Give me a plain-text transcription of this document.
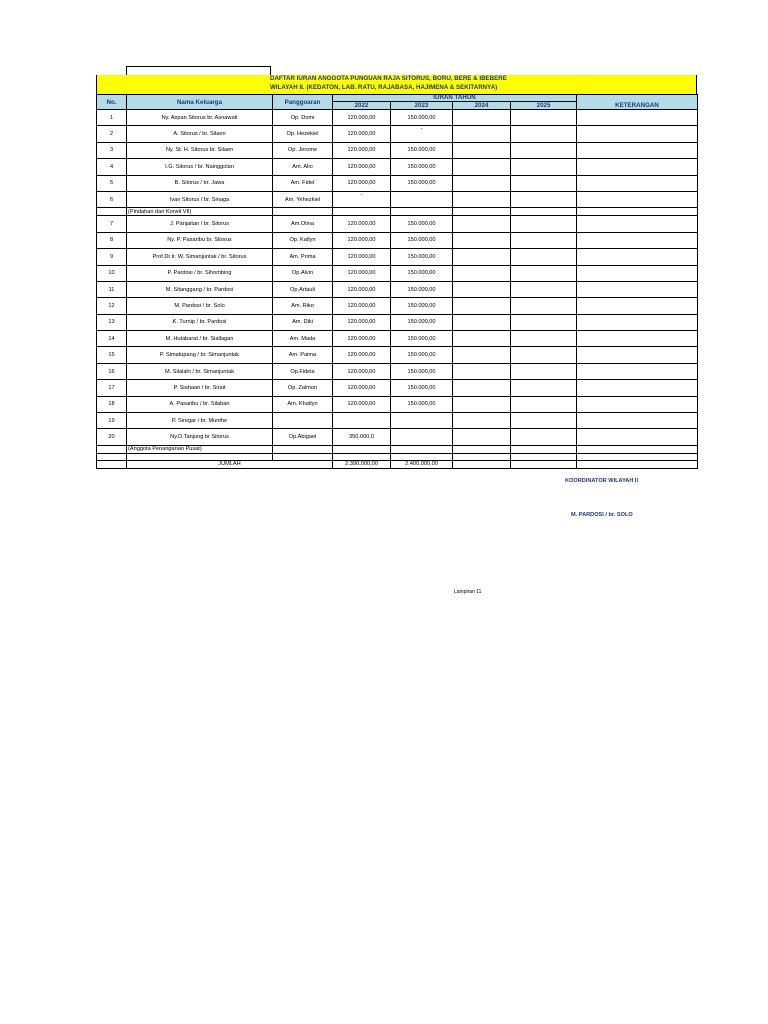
DAFTAR IURAN ANGGOTA PUNGUAN RAJA SITORUS, BORU, BERE & IBEBERE
WILAYAH II. (KEDATON, LAB. RATU, RAJABASA, HAJIMENA & SEKITARNYA)
No.	Nama Keluarga	Panggoaran	IURAN TAHUN				
			2022	2023	2024	2025	KETERANGAN
1	Ny. Aspan Sitorus br. Asnawati	Op. Domi	120.000,00	150.000,00			
2	A. Sitorus / br. Silaen	Op. Hezekiel	120.000,00	-			
3	Ny. St. H. Sitorus br. Silaen	Op. Jerome	120.000,00	150.000,00			
4	I.G. Sitorus / br. Nainggolan	Am. Alio	120.000,00	150.000,00			
5	B. Sitorus / br. Jawa	Am. Fidel	120.000,00	150.000,00			
6	Ivan Sitorus / br. Sinaga	Am. Yehezkiel	-				
	(Pindahan dari Korwil VII)						
7	J. Panjaitan / br. Sitorus	Am.Olina	120.000,00	150.000,00			
8	Ny. P. Pasaribu br. Sitorus	Op. Katlyn	120.000,00	150.000,00			
9	Prof.Dr.Ir. W. Simanjuntak / br. Sitorus	Am. Prima	120.000,00	150.000,00			
10	P. Pardosi / br. Sihombing	Op.Alvin	120.000,00	150.000,00			
11	M. Sitanggang / br. Pardosi	Op.Artauli	120.000,00	150.000,00			
12	M. Pardosi / br. Solo	Am. Riko	120.000,00	150.000,00			
13	K. Turnip / br. Pardosi	Am. Diki	120.000,00	150.000,00			
14	M. Hutabarat / br. Siallagan	Am. Mada	120.000,00	150.000,00			
15	P. Simatupang / br. Simanjuntak	Am. Paima	120.000,00	150.000,00			
16	M. Silalahi / br. Simanjuntak	Op.Fidela	120.000,00	150.000,00			
17	P. Siahaan / br. Sirait	Op. Zalmon	120.000,00	150.000,00			
18	A. Pasaribu / br. Silaban	Am. Khatlyn	120.000,00	150.000,00			
19	P. Siregar / br. Munthe						
20	Ny.D.Tanjung br Sitorus	Op.Abigael	350.000,0				
	(Anggota Penanganan Pusat)						

	JUMLAH		2.390.000,00	2.400.000,00			
KOORDINATOR WILAYAH II
M. PARDOSI / br. SOLO
Lampiran 11
